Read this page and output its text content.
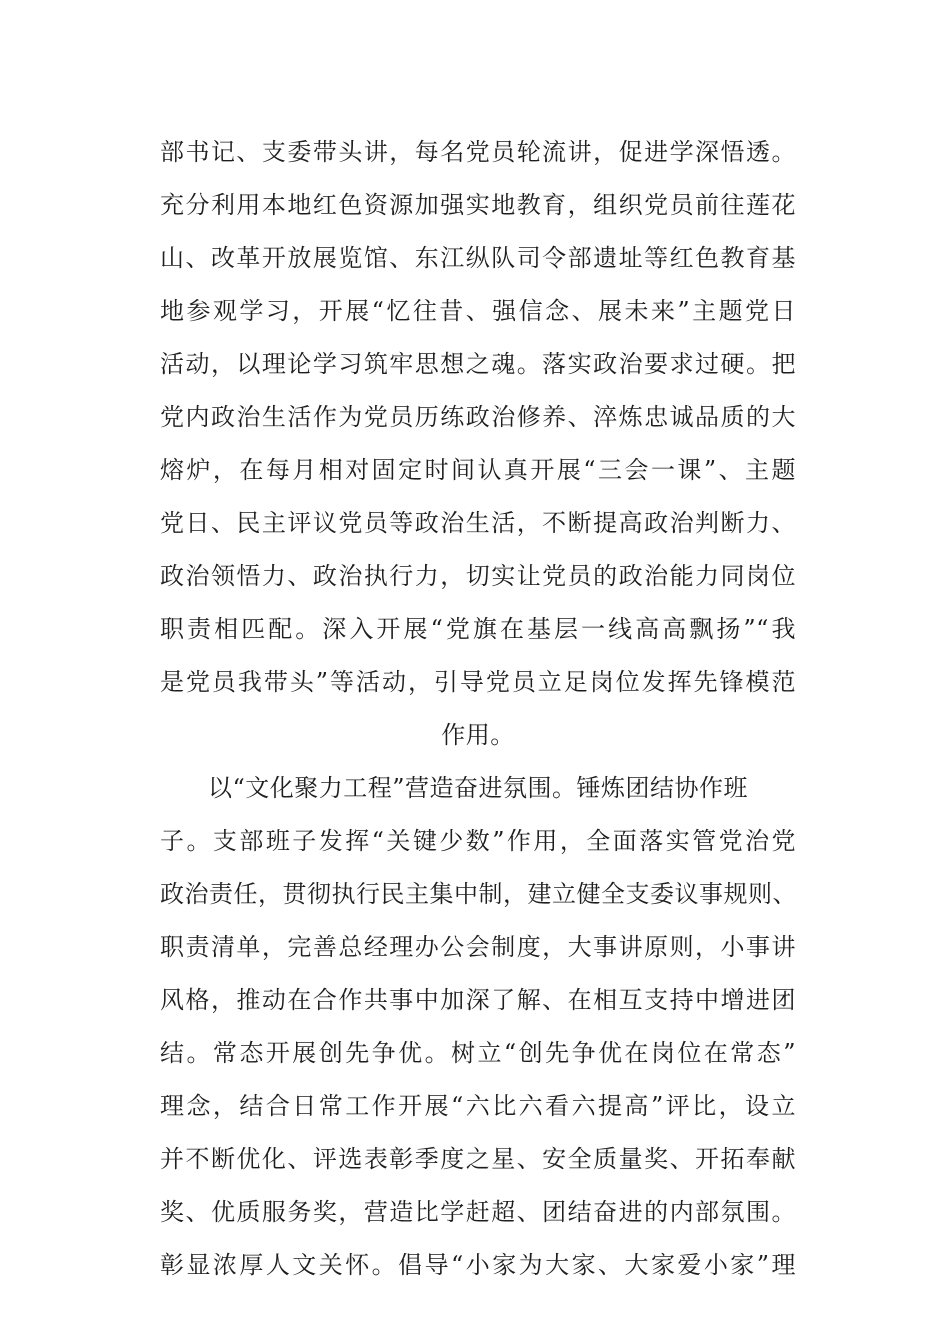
部书记、支委带头讲，每名党员轮流讲，促进学深悟透。
充分利用本地红色资源加强实地教育，组织党员前往莲花
山、改革开放展览馆、东江纵队司令部遗址等红色教育基
地参观学习，开展“忆往昔、强信念、展未来”主题党日
活动，以理论学习筑牢思想之魂。落实政治要求过硬。把
党内政治生活作为党员历练政治修养、淬炼忠诚品质的大
熔炉，在每月相对固定时间认真开展“三会一课”、主题
党日、民主评议党员等政治生活，不断提高政治判断力、
政治领悟力、政治执行力，切实让党员的政治能力同岗位
职责相匹配。深入开展“党旗在基层一线高高飘扬”“我
是党员我带头”等活动，引导党员立足岗位发挥先锋模范
作用。
以“文化聚力工程”营造奋进氛围。锤炼团结协作班
子。支部班子发挥“关键少数”作用，全面落实管党治党
政治责任，贯彻执行民主集中制，建立健全支委议事规则、
职责清单，完善总经理办公会制度，大事讲原则，小事讲
风格，推动在合作共事中加深了解、在相互支持中增进团
结。常态开展创先争优。树立“创先争优在岗位在常态”
理念，结合日常工作开展“六比六看六提高”评比，设立
并不断优化、评选表彰季度之星、安全质量奖、开拓奉献
奖、优质服务奖，营造比学赶超、团结奋进的内部氛围。
彰显浓厚人文关怀。倡导“小家为大家、大家爱小家”理
